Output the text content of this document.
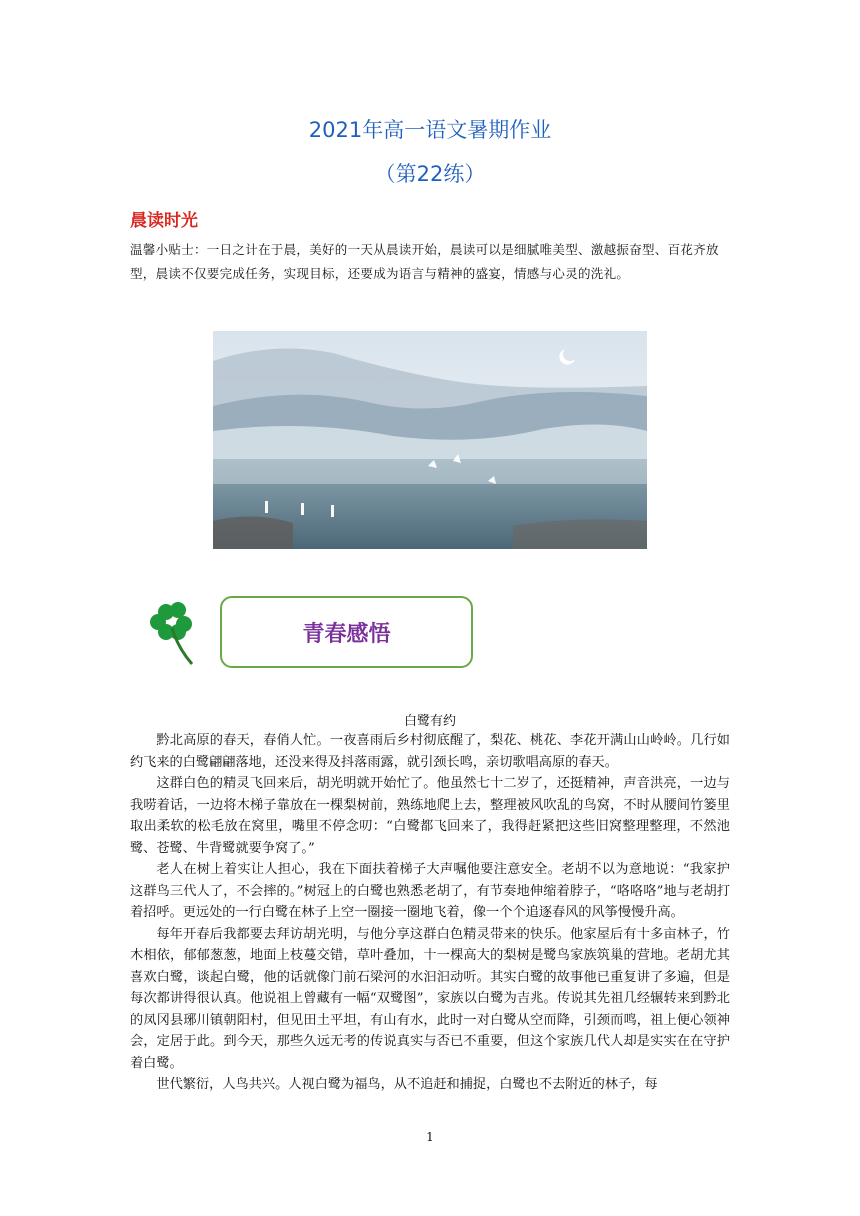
2021年高一语文暑期作业
（第22练）
晨读时光
温馨小贴士：一日之计在于晨，美好的一天从晨读开始，晨读可以是细腻唯美型、激越振奋型、百花齐放型，晨读不仅要完成任务，实现目标，还要成为语言与精神的盛宴，情感与心灵的洗礼。
青春感悟
白鹭有约

黔北高原的春天，春俏人忙。一夜喜雨后乡村彻底醒了，梨花、桃花、李花开满山山岭岭。几行如约飞来的白鹭翩翩落地，还没来得及抖落雨露，就引颈长鸣，亲切歌唱高原的春天。

这群白色的精灵飞回来后，胡光明就开始忙了。他虽然七十二岁了，还挺精神，声音洪亮，一边与我唠着话，一边将木梯子靠放在一棵梨树前，熟练地爬上去，整理被风吹乱的鸟窝，不时从腰间竹篓里取出柔软的松毛放在窝里，嘴里不停念叨：“白鹭都飞回来了，我得赶紧把这些旧窝整理整理，不然池鹭、苍鹭、牛背鹭就要争窝了。”

老人在树上着实让人担心，我在下面扶着梯子大声嘱他要注意安全。老胡不以为意地说：“我家护这群鸟三代人了，不会摔的。”树冠上的白鹭也熟悉老胡了，有节奏地伸缩着脖子，“咯咯咯”地与老胡打着招呼。更远处的一行白鹭在林子上空一圈接一圈地飞着，像一个个追逐春风的风筝慢慢升高。

每年开春后我都要去拜访胡光明，与他分享这群白色精灵带来的快乐。他家屋后有十多亩林子，竹木相依，郁郁葱葱，地面上枝蔓交错，草叶叠加，十一棵高大的梨树是鹭鸟家族筑巢的营地。老胡尤其喜欢白鹭，谈起白鹭，他的话就像门前石梁河的水汩汩动听。其实白鹭的故事他已重复讲了多遍，但是每次都讲得很认真。他说祖上曾藏有一幅“双鹭图”，家族以白鹭为吉兆。传说其先祖几经辗转来到黔北的凤冈县琊川镇朝阳村，但见田土平坦，有山有水，此时一对白鹭从空而降，引颈而鸣，祖上便心领神会，定居于此。到今天，那些久远无考的传说真实与否已不重要，但这个家族几代人却是实实在在守护着白鹭。

世代繁衍，人鸟共兴。人视白鹭为福鸟，从不追赶和捕捉，白鹭也不去附近的林子，每

1
